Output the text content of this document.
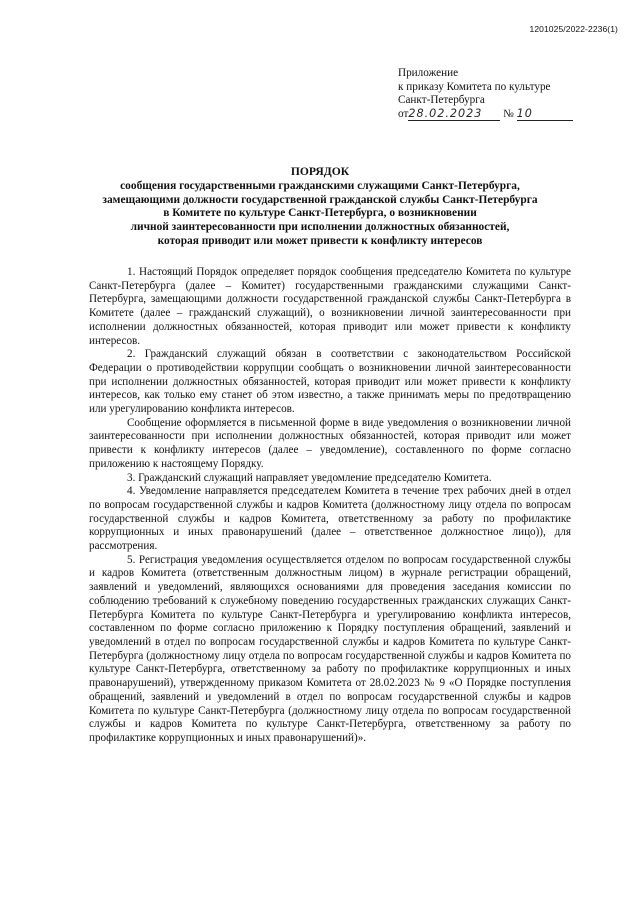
1201025/2022-2236(1)
Приложение
к приказу Комитета по культуре
Санкт-Петербурга
от28.02.2023 № 10
ПОРЯДОК
сообщения государственными гражданскими служащими Санкт-Петербурга,
замещающими должности государственной гражданской службы Санкт-Петербурга
в Комитете по культуре Санкт-Петербурга, о возникновении
личной заинтересованности при исполнении должностных обязанностей,
которая приводит или может привести к конфликту интересов

1. Настоящий Порядок определяет порядок сообщения председателю Комитета по культуре Санкт-Петербурга (далее – Комитет) государственными гражданскими служащими Санкт-Петербурга, замещающими должности государственной гражданской службы Санкт-Петербурга в Комитете (далее – гражданский служащий), о возникновении личной заинтересованности при исполнении должностных обязанностей, которая приводит или может привести к конфликту интересов.

2. Гражданский служащий обязан в соответствии с законодательством Российской Федерации о противодействии коррупции сообщать о возникновении личной заинтересованности при исполнении должностных обязанностей, которая приводит или может привести к конфликту интересов, как только ему станет об этом известно, а также принимать меры по предотвращению или урегулированию конфликта интересов.

Сообщение оформляется в письменной форме в виде уведомления о возникновении личной заинтересованности при исполнении должностных обязанностей, которая приводит или может привести к конфликту интересов (далее – уведомление), составленного по форме согласно приложению к настоящему Порядку.

3. Гражданский служащий направляет уведомление председателю Комитета.

4. Уведомление направляется председателем Комитета в течение трех рабочих дней в отдел по вопросам государственной службы и кадров Комитета (должностному лицу отдела по вопросам государственной службы и кадров Комитета, ответственному за работу по профилактике коррупционных и иных правонарушений (далее – ответственное должностное лицо)), для рассмотрения.

5. Регистрация уведомления осуществляется отделом по вопросам государственной службы и кадров Комитета (ответственным должностным лицом) в журнале регистрации обращений, заявлений и уведомлений, являющихся основаниями для проведения заседания комиссии по соблюдению требований к служебному поведению государственных гражданских служащих Санкт-Петербурга Комитета по культуре Санкт-Петербурга и урегулированию конфликта интересов, составленном по форме согласно приложению к Порядку поступления обращений, заявлений и уведомлений в отдел по вопросам государственной службы и кадров Комитета по культуре Санкт-Петербурга (должностному лицу отдела по вопросам государственной службы и кадров Комитета по культуре Санкт-Петербурга, ответственному за работу по профилактике коррупционных и иных правонарушений), утвержденному приказом Комитета от 28.02.2023 № 9 «О Порядке поступления обращений, заявлений и уведомлений в отдел по вопросам государственной службы и кадров Комитета по культуре Санкт-Петербурга (должностному лицу отдела по вопросам государственной службы и кадров Комитета по культуре Санкт-Петербурга, ответственному за работу по профилактике коррупционных и иных правонарушений)».
